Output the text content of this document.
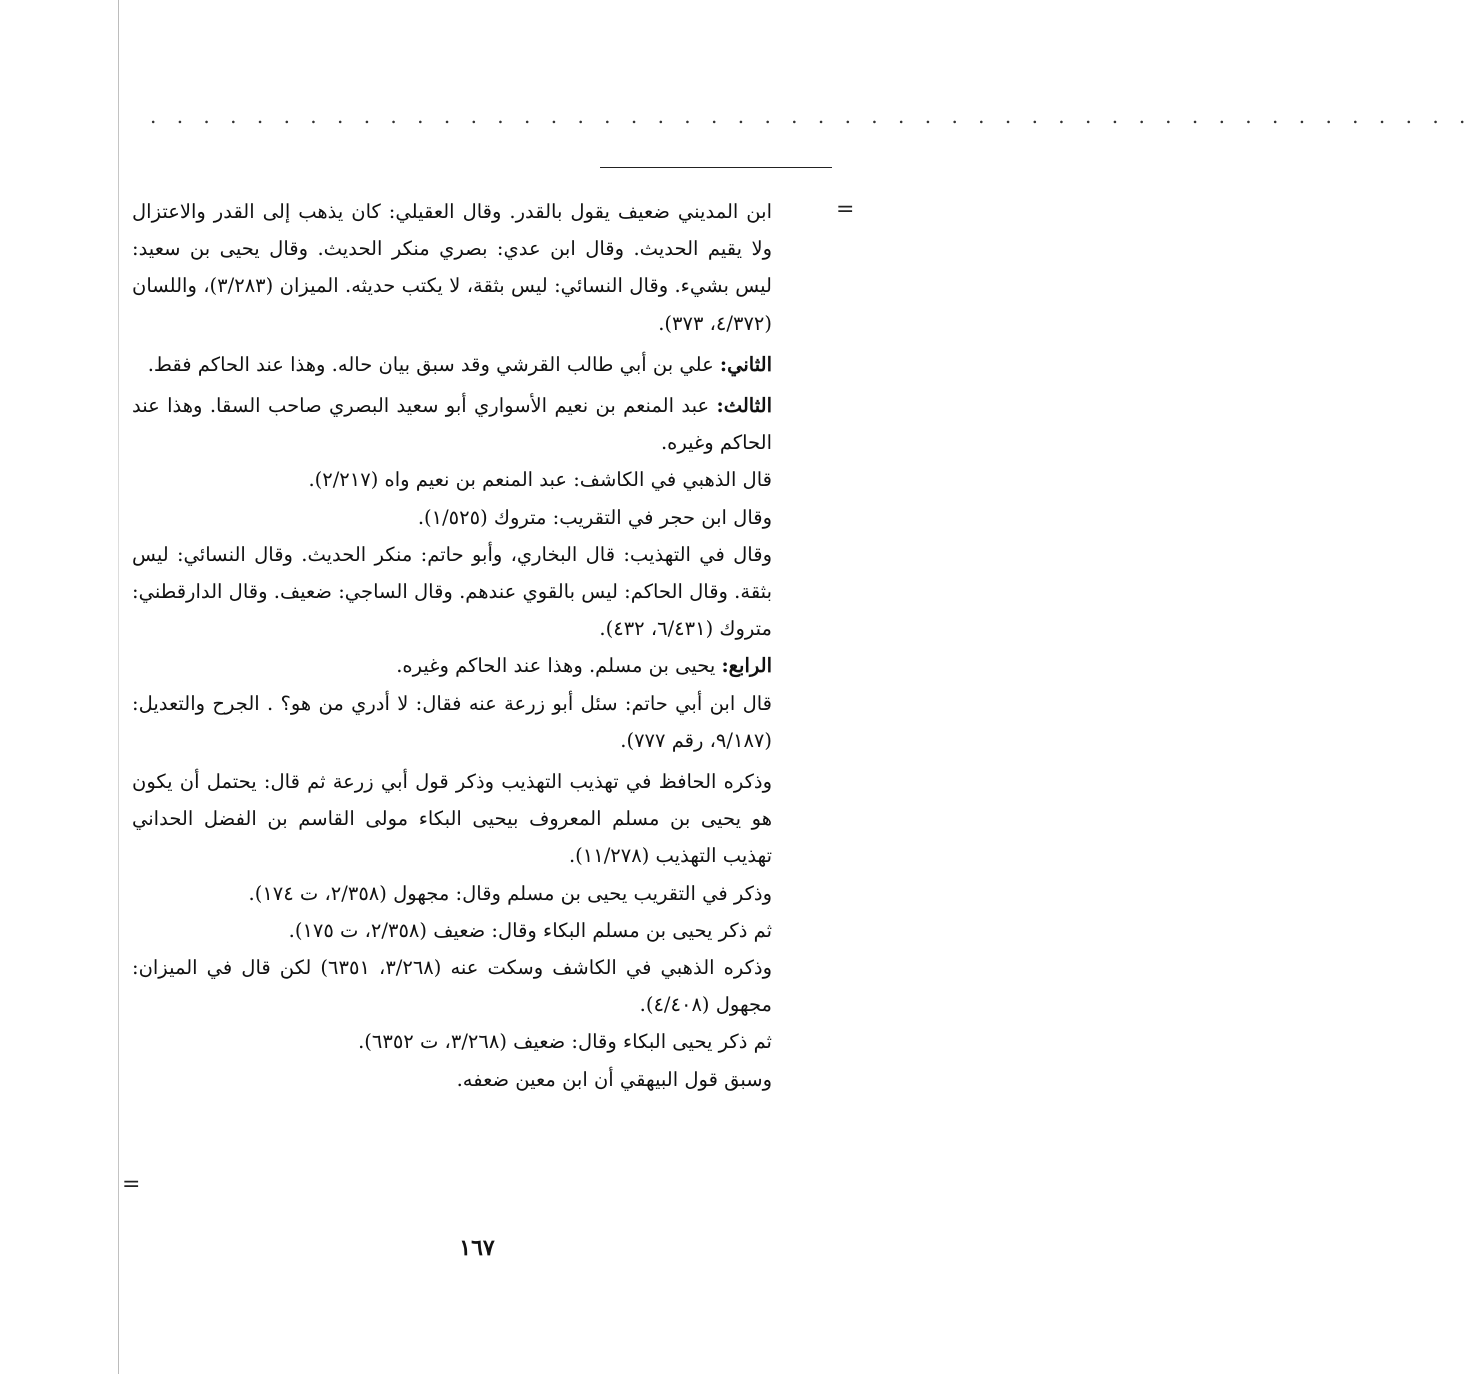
. . . . . . . . . . . . . . . . . . . . . . . . . . . . . . . . . . . . . . . . . . . . . . . . . .
=
=

ابن المديني ضعيف يقول بالقدر. وقال العقيلي: كان يذهب إلى القدر والاعتزال ولا يقيم الحديث. وقال ابن عدي: بصري منكر الحديث. وقال يحيى بن سعيد: ليس بشيء. وقال النسائي: ليس بثقة، لا يكتب حديثه. الميزان (٣/٢٨٣)، واللسان (٤/٣٧٢، ٣٧٣).

الثاني: علي بن أبي طالب القرشي وقد سبق بيان حاله. وهذا عند الحاكم فقط.

الثالث: عبد المنعم بن نعيم الأسواري أبو سعيد البصري صاحب السقا. وهذا عند الحاكم وغيره.

قال الذهبي في الكاشف: عبد المنعم بن نعيم واه (٢/٢١٧).

وقال ابن حجر في التقريب: متروك (١/٥٢٥).

وقال في التهذيب: قال البخاري، وأبو حاتم: منكر الحديث. وقال النسائي: ليس بثقة. وقال الحاكم: ليس بالقوي عندهم. وقال الساجي: ضعيف. وقال الدارقطني: متروك (٦/٤٣١، ٤٣٢).

الرابع: يحيى بن مسلم. وهذا عند الحاكم وغيره.

قال ابن أبي حاتم: سئل أبو زرعة عنه فقال: لا أدري من هو؟ . الجرح والتعديل: (٩/١٨٧، رقم ٧٧٧).

وذكره الحافظ في تهذيب التهذيب وذكر قول أبي زرعة ثم قال: يحتمل أن يكون هو يحيى بن مسلم المعروف بيحيى البكاء مولى القاسم بن الفضل الحداني تهذيب التهذيب (١١/٢٧٨).

وذكر في التقريب يحيى بن مسلم وقال: مجهول (٢/٣٥٨، ت ١٧٤).

ثم ذكر يحيى بن مسلم البكاء وقال: ضعيف (٢/٣٥٨، ت ١٧٥).

وذكره الذهبي في الكاشف وسكت عنه (٣/٢٦٨، ٦٣٥١) لكن قال في الميزان: مجهول (٤/٤٠٨).

ثم ذكر يحيى البكاء وقال: ضعيف (٣/٢٦٨، ت ٦٣٥٢).

وسبق قول البيهقي أن ابن معين ضعفه.

١٦٧
